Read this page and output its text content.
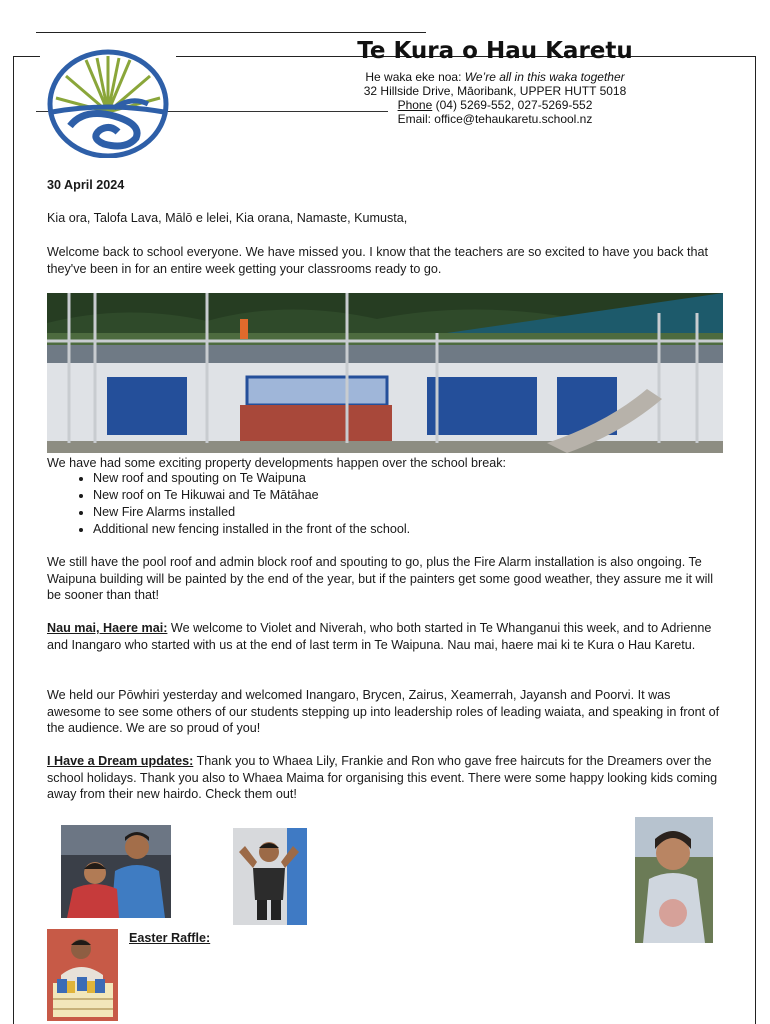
Te Kura o Hau Karetu
He waka eke noa: We’re all in this waka together
32 Hillside Drive, Māoribank, UPPER HUTT 5018
Phone (04) 5269-552, 027-5269-552
Email: office@tehaukaretu.school.nz
30 April 2024
Kia ora, Talofa Lava, Mālō e lelei, Kia orana, Namaste, Kumusta,
Welcome back to school everyone. We have missed you. I know that the teachers are so excited to have you back that they've been in for an entire week getting your classrooms ready to go.
We have had some exciting property developments happen over the school break:
• New roof and spouting on Te Waipuna
• New roof on Te Hikuwai and Te Mātāhae
• New Fire Alarms installed
• Additional new fencing installed in the front of the school.
We still have the pool roof and admin block roof and spouting to go, plus the Fire Alarm installation is also ongoing. Te Waipuna building will be painted by the end of the year, but if the painters get some good weather, they assure me it will be sooner than that!
Nau mai, Haere mai: We welcome to Violet and Niverah, who both started in Te Whanganui this week, and to Adrienne and Inangaro who started with us at the end of last term in Te Waipuna. Nau mai, haere mai ki te Kura o Hau Karetu.
We held our Pōwhiri yesterday and welcomed Inangaro, Brycen, Zairus, Xeamerrah, Jayansh and Poorvi. It was awesome to see some others of our students stepping up into leadership roles of leading waiata, and speaking in front of the audience. We are so proud of you!
I Have a Dream updates: Thank you to Whaea Lily, Frankie and Ron who gave free haircuts for the Dreamers over the school holidays. Thank you also to Whaea Maima for organising this event. There were some happy looking kids coming away from their new hairdo. Check them out!
Easter Raffle:
